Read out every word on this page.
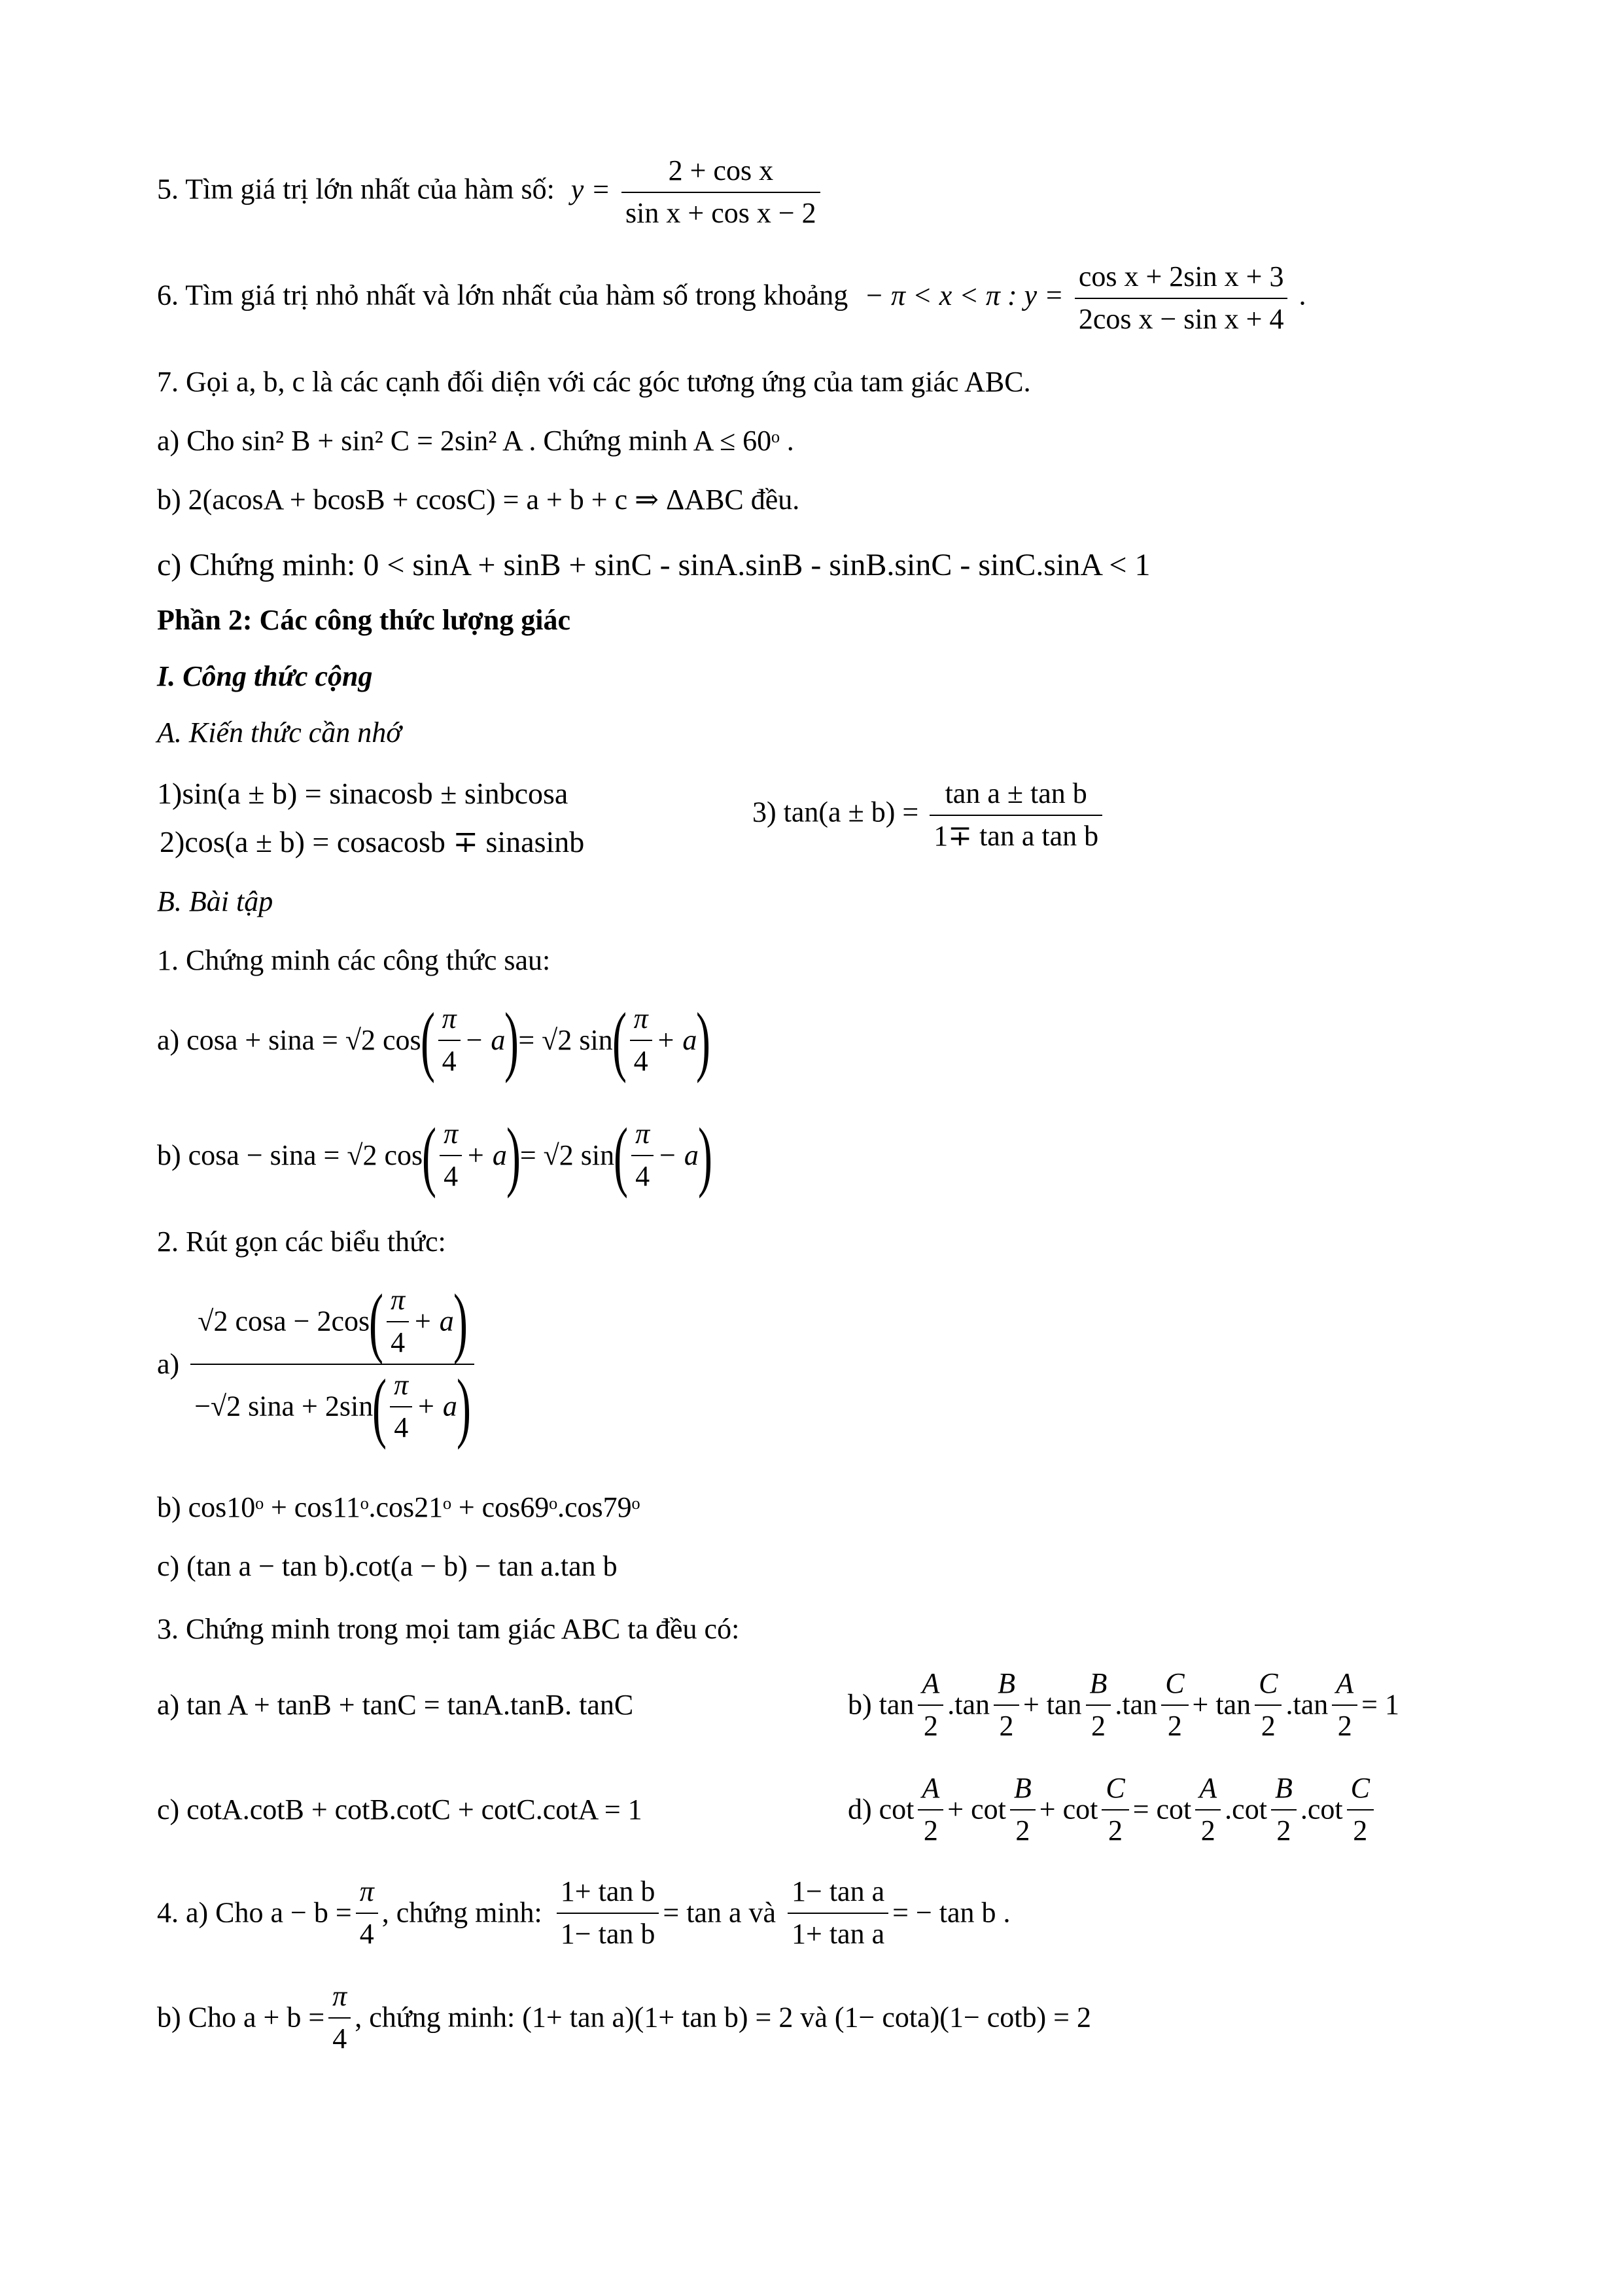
5. Tìm giá trị lớn nhất của hàm số: $y = \frac{\text{2 + cos x}}{\text{sin x + cos x − 2}}$
6. Tìm giá trị nhỏ nhất và lớn nhất của hàm số trong khoảng − π < x < π : $y = \frac{\text{cos x + 2sin x + 3}}{\text{2cos x − sin x + 4}}$ .
7. Gọi a, b, c là các cạnh đối diện với các góc tương ứng của tam giác ABC.
a) Cho sin² B + sin² C = 2sin² A . Chứng minh A ≤ 60ᵒ .
b) 2(acosA + bcosB + ccosC) = a + b + c ⇒ ΔABC đều.
c) Chứng minh: 0 < sinA + sinB + sinC - sinA.sinB - sinB.sinC - sinC.sinA < 1
Phần 2: Các công thức lượng giác
I. Công thức cộng
A. Kiến thức cần nhớ
1)sin(a ± b) = sinacosb ± sinbcosa
2)cos(a ± b) = cosacosb ∓ sinasinb
3) $\tan(a \pm b) = \frac{\text{tan a ± tan b}}{\text{1∓ tan a tan b}}$
B. Bài tập
1. Chứng minh các công thức sau:
a) cosa + sina = √2 $\cos( \frac{\pi}{4} - a)= √2$ $\sin( \frac{\pi}{4} + a)$
b) cosa − sina = √2 $\cos( \frac{\pi}{4} + a)= √2$ $\sin( \frac{\pi}{4} - a)$
2. Rút gọn các biểu thức:
$a) \frac{√2 \cos a - 2\cos( \frac{\pi}{4} + a)}{-√2 \sin a + 2\sin( \frac{\pi}{4} + a)}$
b) cos10ᵒ + cos11ᵒ.cos21ᵒ + cos69ᵒ.cos79ᵒ
c) (tan a − tan b).cot(a − b) − tan a.tan b
3. Chứng minh trong mọi tam giác ABC ta đều có:
a) tan A + tanB + tanC = tanA.tanB. tanC	b) $\tan \frac{A}{2} .\tan \frac{B}{2} + \tan \frac{B}{2} .\tan \frac{C}{2} + \tan \frac{C}{2} .\tan \frac{A}{2} = 1$
c) cotA.cotB + cotB.cotC + cotC.cotA = 1	d) $\cot \frac{A}{2} + \cot \frac{B}{2} + \cot \frac{C}{2} = \cot \frac{A}{2} .\cot \frac{B}{2} .\cot \frac{C}{2}$
4. a) Cho $a - b = \frac{\pi}{4}$ , chứng minh: $\frac{\text{1+ tan b}}{\text{1− tan b}} = \tan a$ và $\frac{\text{1− tan a}}{\text{1+ tan a}}$ = − tan b .
b) Cho $a + b = \frac{\pi}{4}$ , chứng minh: (1+ tan a)(1+ tan b) = 2 và (1− cota)(1− cotb) = 2
